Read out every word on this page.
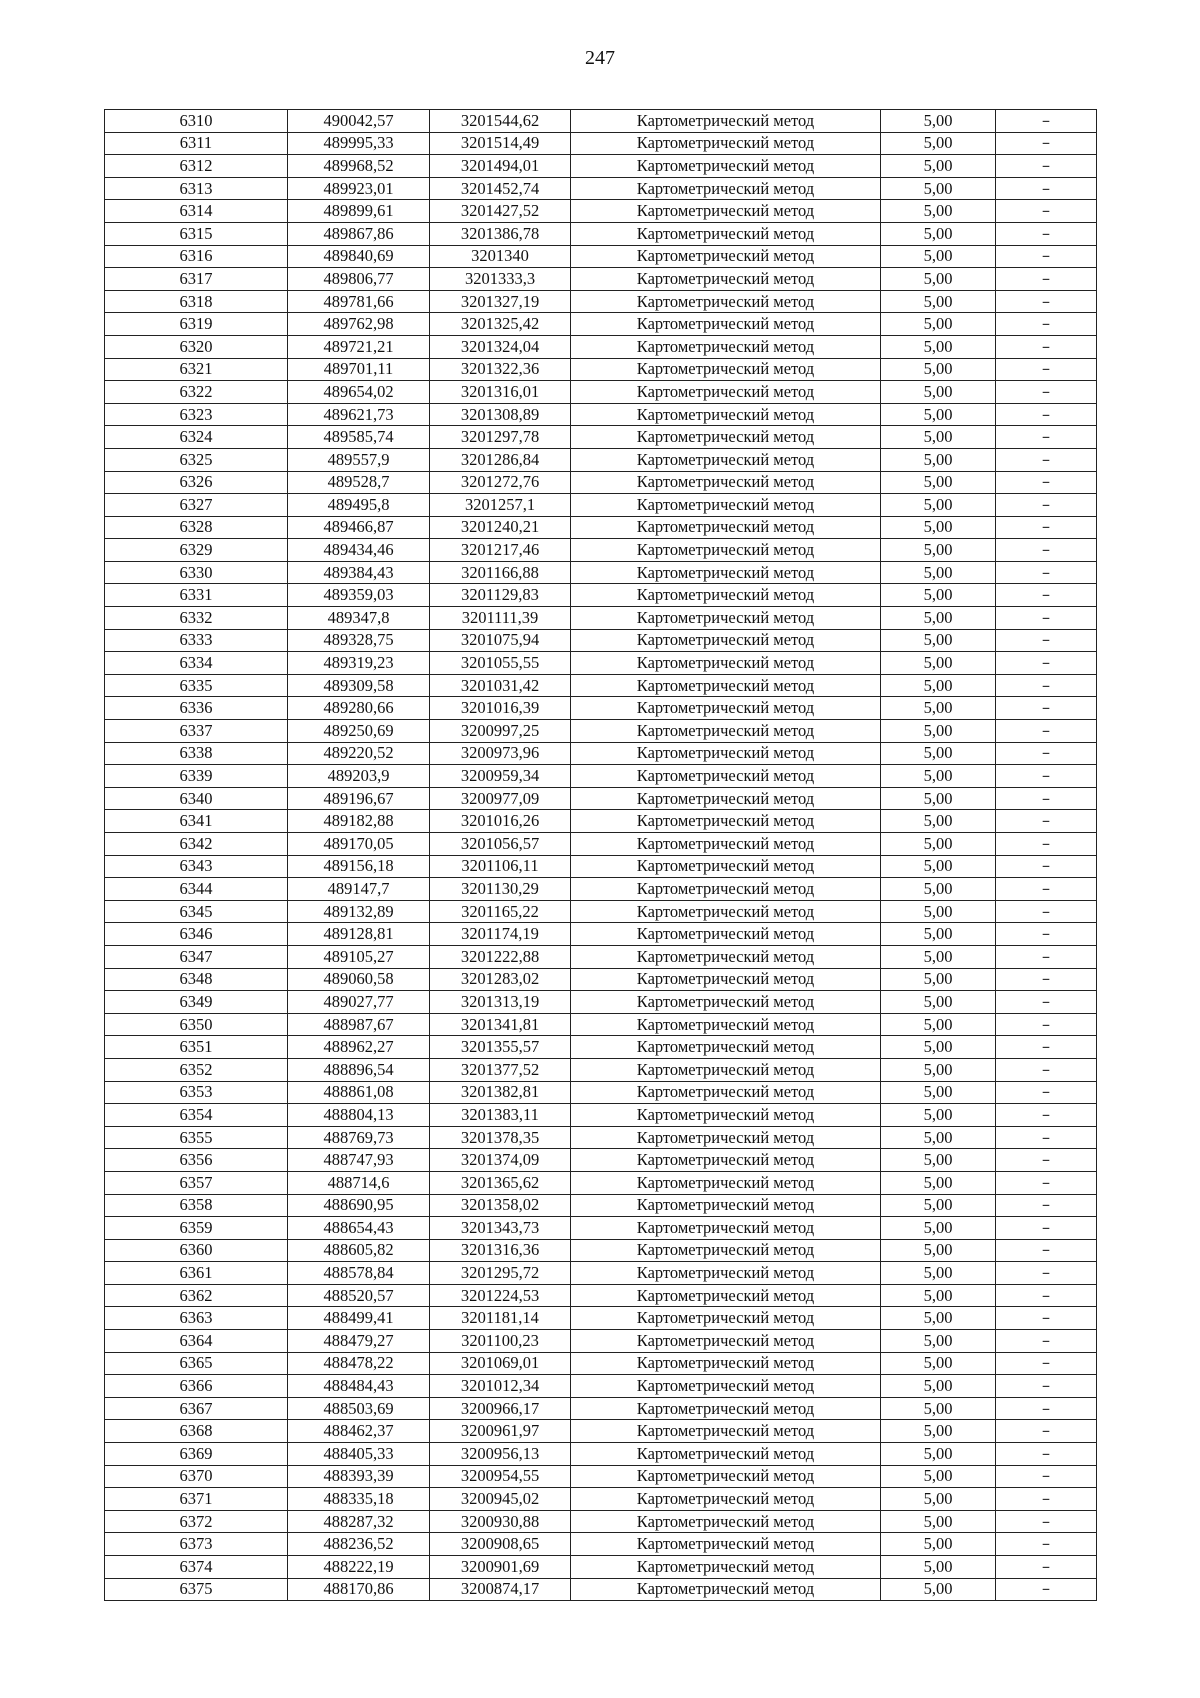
247
6310	490042,57	3201544,62	Картометрический метод	5,00	–
6311	489995,33	3201514,49	Картометрический метод	5,00	–
6312	489968,52	3201494,01	Картометрический метод	5,00	–
6313	489923,01	3201452,74	Картометрический метод	5,00	–
6314	489899,61	3201427,52	Картометрический метод	5,00	–
6315	489867,86	3201386,78	Картометрический метод	5,00	–
6316	489840,69	3201340	Картометрический метод	5,00	–
6317	489806,77	3201333,3	Картометрический метод	5,00	–
6318	489781,66	3201327,19	Картометрический метод	5,00	–
6319	489762,98	3201325,42	Картометрический метод	5,00	–
6320	489721,21	3201324,04	Картометрический метод	5,00	–
6321	489701,11	3201322,36	Картометрический метод	5,00	–
6322	489654,02	3201316,01	Картометрический метод	5,00	–
6323	489621,73	3201308,89	Картометрический метод	5,00	–
6324	489585,74	3201297,78	Картометрический метод	5,00	–
6325	489557,9	3201286,84	Картометрический метод	5,00	–
6326	489528,7	3201272,76	Картометрический метод	5,00	–
6327	489495,8	3201257,1	Картометрический метод	5,00	–
6328	489466,87	3201240,21	Картометрический метод	5,00	–
6329	489434,46	3201217,46	Картометрический метод	5,00	–
6330	489384,43	3201166,88	Картометрический метод	5,00	–
6331	489359,03	3201129,83	Картометрический метод	5,00	–
6332	489347,8	3201111,39	Картометрический метод	5,00	–
6333	489328,75	3201075,94	Картометрический метод	5,00	–
6334	489319,23	3201055,55	Картометрический метод	5,00	–
6335	489309,58	3201031,42	Картометрический метод	5,00	–
6336	489280,66	3201016,39	Картометрический метод	5,00	–
6337	489250,69	3200997,25	Картометрический метод	5,00	–
6338	489220,52	3200973,96	Картометрический метод	5,00	–
6339	489203,9	3200959,34	Картометрический метод	5,00	–
6340	489196,67	3200977,09	Картометрический метод	5,00	–
6341	489182,88	3201016,26	Картометрический метод	5,00	–
6342	489170,05	3201056,57	Картометрический метод	5,00	–
6343	489156,18	3201106,11	Картометрический метод	5,00	–
6344	489147,7	3201130,29	Картометрический метод	5,00	–
6345	489132,89	3201165,22	Картометрический метод	5,00	–
6346	489128,81	3201174,19	Картометрический метод	5,00	–
6347	489105,27	3201222,88	Картометрический метод	5,00	–
6348	489060,58	3201283,02	Картометрический метод	5,00	–
6349	489027,77	3201313,19	Картометрический метод	5,00	–
6350	488987,67	3201341,81	Картометрический метод	5,00	–
6351	488962,27	3201355,57	Картометрический метод	5,00	–
6352	488896,54	3201377,52	Картометрический метод	5,00	–
6353	488861,08	3201382,81	Картометрический метод	5,00	–
6354	488804,13	3201383,11	Картометрический метод	5,00	–
6355	488769,73	3201378,35	Картометрический метод	5,00	–
6356	488747,93	3201374,09	Картометрический метод	5,00	–
6357	488714,6	3201365,62	Картометрический метод	5,00	–
6358	488690,95	3201358,02	Картометрический метод	5,00	–
6359	488654,43	3201343,73	Картометрический метод	5,00	–
6360	488605,82	3201316,36	Картометрический метод	5,00	–
6361	488578,84	3201295,72	Картометрический метод	5,00	–
6362	488520,57	3201224,53	Картометрический метод	5,00	–
6363	488499,41	3201181,14	Картометрический метод	5,00	–
6364	488479,27	3201100,23	Картометрический метод	5,00	–
6365	488478,22	3201069,01	Картометрический метод	5,00	–
6366	488484,43	3201012,34	Картометрический метод	5,00	–
6367	488503,69	3200966,17	Картометрический метод	5,00	–
6368	488462,37	3200961,97	Картометрический метод	5,00	–
6369	488405,33	3200956,13	Картометрический метод	5,00	–
6370	488393,39	3200954,55	Картометрический метод	5,00	–
6371	488335,18	3200945,02	Картометрический метод	5,00	–
6372	488287,32	3200930,88	Картометрический метод	5,00	–
6373	488236,52	3200908,65	Картометрический метод	5,00	–
6374	488222,19	3200901,69	Картометрический метод	5,00	–
6375	488170,86	3200874,17	Картометрический метод	5,00	–
